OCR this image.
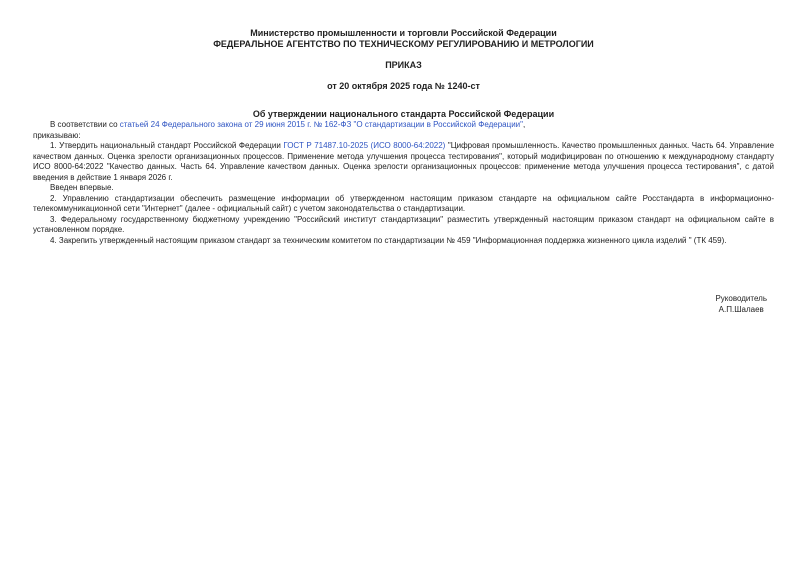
Министерство промышленности и торговли Российской Федерации
ФЕДЕРАЛЬНОЕ АГЕНТСТВО ПО ТЕХНИЧЕСКОМУ РЕГУЛИРОВАНИЮ И МЕТРОЛОГИИ
ПРИКАЗ
от 20 октября 2025 года № 1240-ст
Об утверждении национального стандарта Российской Федерации

В соответствии со статьей 24 Федерального закона от 29 июня 2015 г. № 162-ФЗ "О стандартизации в Российской Федерации",

приказываю:

1. Утвердить национальный стандарт Российской Федерации ГОСТ Р 71487.10-2025 (ИСО 8000-64:2022) "Цифровая промышленность. Качество промышленных данных. Часть 64. Управление качеством данных. Оценка зрелости организационных процессов. Применение метода улучшения процесса тестирования", который модифицирован по отношению к международному стандарту ИСО 8000-64:2022 "Качество данных. Часть 64. Управление качеством данных. Оценка зрелости организационных процессов: применение метода улучшения процесса тестирования", с датой введения в действие 1 января 2026 г.

Введен впервые.

2. Управлению стандартизации обеспечить размещение информации об утвержденном настоящим приказом стандарте на официальном сайте Росстандарта в информационно-телекоммуникационной сети "Интернет" (далее - официальный сайт) с учетом законодательства о стандартизации.

3. Федеральному государственному бюджетному учреждению "Российский институт стандартизации" разместить утвержденный настоящим приказом стандарт на официальном сайте в установленном порядке.

4. Закрепить утвержденный настоящим приказом стандарт за техническим комитетом по стандартизации № 459 "Информационная поддержка жизненного цикла изделий " (ТК 459).

Руководитель
А.П.Шалаев
